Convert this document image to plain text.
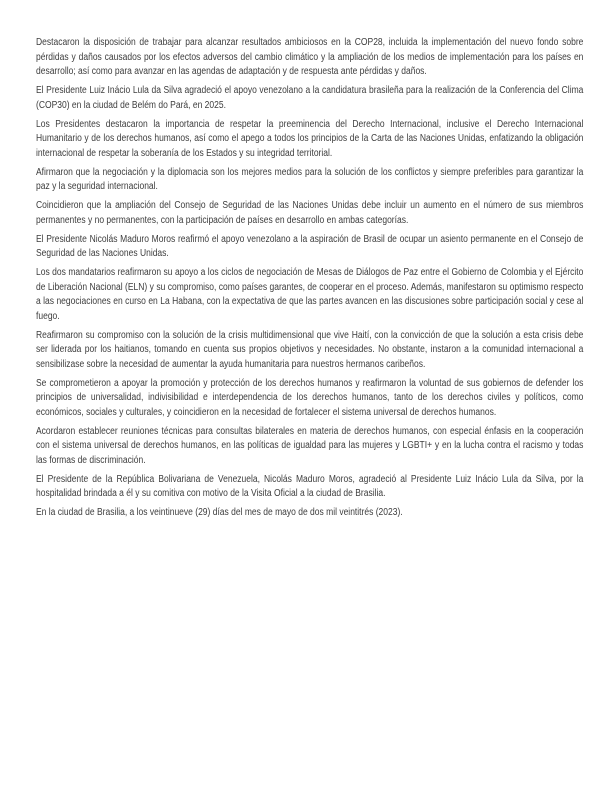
Destacaron la disposición de trabajar para alcanzar resultados ambiciosos en la COP28, incluida la implementación del nuevo fondo sobre pérdidas y daños causados por los efectos adversos del cambio climático y la ampliación de los medios de implementación para los países en desarrollo; así como para avanzar en las agendas de adaptación y de respuesta ante pérdidas y daños.

El Presidente Luiz Inácio Lula da Silva agradeció el apoyo venezolano a la candidatura brasileña para la realización de la Conferencia del Clima (COP30) en la ciudad de Belém do Pará, en 2025.

Los Presidentes destacaron la importancia de respetar la preeminencia del Derecho Internacional, inclusive el Derecho Internacional Humanitario y de los derechos humanos, así como el apego a todos los principios de la Carta de las Naciones Unidas, enfatizando la obligación internacional de respetar la soberanía de los Estados y su integridad territorial.

Afirmaron que la negociación y la diplomacia son los mejores medios para la solución de los conflictos y siempre preferibles para garantizar la paz y la seguridad internacional.

Coincidieron que la ampliación del Consejo de Seguridad de las Naciones Unidas debe incluir un aumento en el número de sus miembros permanentes y no permanentes, con la participación de países en desarrollo en ambas categorías.

El Presidente Nicolás Maduro Moros reafirmó el apoyo venezolano a la aspiración de Brasil de ocupar un asiento permanente en el Consejo de Seguridad de las Naciones Unidas.

Los dos mandatarios reafirmaron su apoyo a los ciclos de negociación de Mesas de Diálogos de Paz entre el Gobierno de Colombia y el Ejército de Liberación Nacional (ELN) y su compromiso, como países garantes, de cooperar en el proceso. Además, manifestaron su optimismo respecto a las negociaciones en curso en La Habana, con la expectativa de que las partes avancen en las discusiones sobre participación social y cese al fuego.

Reafirmaron su compromiso con la solución de la crisis multidimensional que vive Haití, con la convicción de que la solución a esta crisis debe ser liderada por los haitianos, tomando en cuenta sus propios objetivos y necesidades. No obstante, instaron a la comunidad internacional a sensibilizase sobre la necesidad de aumentar la ayuda humanitaria para nuestros hermanos caribeños.

Se comprometieron a apoyar la promoción y protección de los derechos humanos y reafirmaron la voluntad de sus gobiernos de defender los principios de universalidad, indivisibilidad e interdependencia de los derechos humanos, tanto de los derechos civiles y políticos, como económicos, sociales y culturales, y coincidieron en la necesidad de fortalecer el sistema universal de derechos humanos.

Acordaron establecer reuniones técnicas para consultas bilaterales en materia de derechos humanos, con especial énfasis en la cooperación con el sistema universal de derechos humanos, en las políticas de igualdad para las mujeres y LGBTI+ y en la lucha contra el racismo y todas las formas de discriminación.

El Presidente de la República Bolivariana de Venezuela, Nicolás Maduro Moros, agradeció al Presidente Luiz Inácio Lula da Silva, por la hospitalidad brindada a él y su comitiva con motivo de la Visita Oficial a la ciudad de Brasilia.

En la ciudad de Brasilia, a los veintinueve (29) días del mes de mayo de dos mil veintitrés (2023).
